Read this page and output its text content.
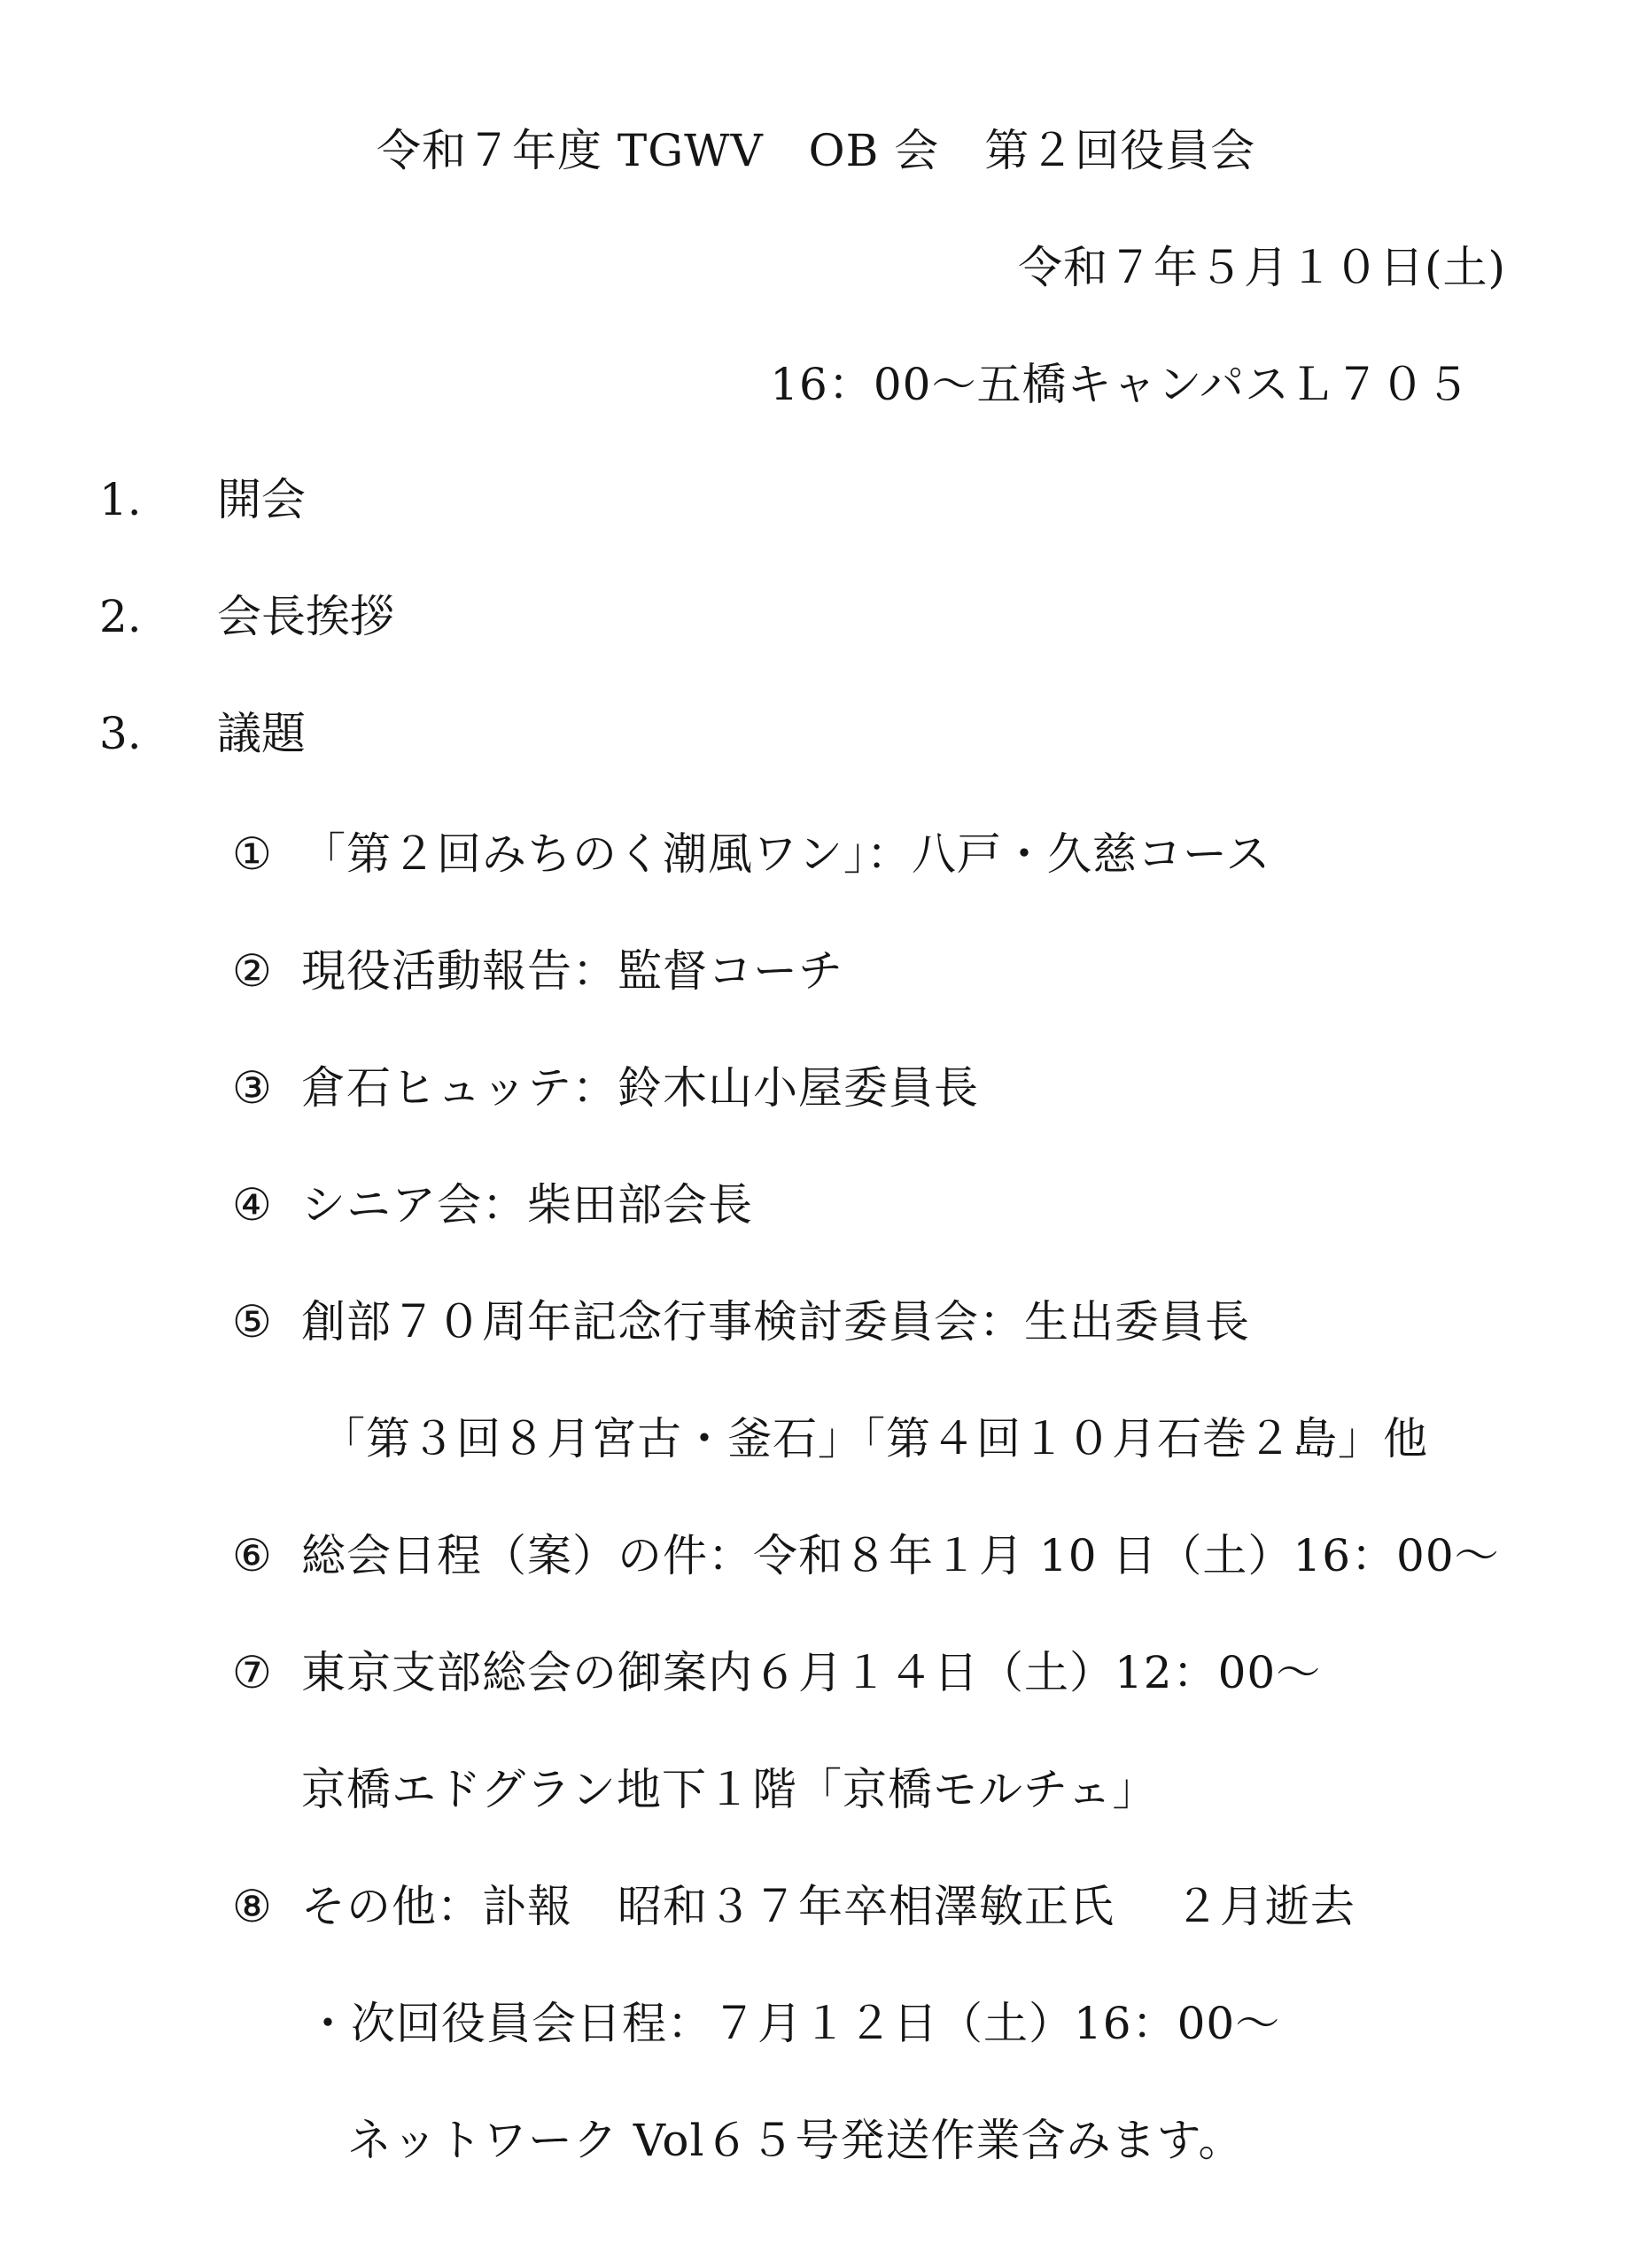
令和７年度 TGWV　OB 会　第２回役員会
令和７年５月１０日(土)
16：00～五橋キャンパスＬ７０５
1. 開会
2. 会長挨拶
3. 議題
① 「第２回みちのく潮風ワン」：八戸・久慈コース
② 現役活動報告：監督コーチ
③ 倉石ヒュッテ：鈴木山小屋委員長
④ シニア会：柴田部会長
⑤ 創部７０周年記念行事検討委員会：生出委員長
「第３回８月宮古・釜石」「第４回１０月石巻２島」他
⑥ 総会日程（案）の件：令和８年１月 10 日（土）16：00～
⑦ 東京支部総会の御案内６月１４日（土）12：00～
京橋エドグラン地下１階「京橋モルチェ」
⑧ その他：訃報　昭和３７年卒相澤敏正氏　 ２月逝去
・次回役員会日程：７月１２日（土）16：00～
ネットワーク Vol６５号発送作業含みます。
